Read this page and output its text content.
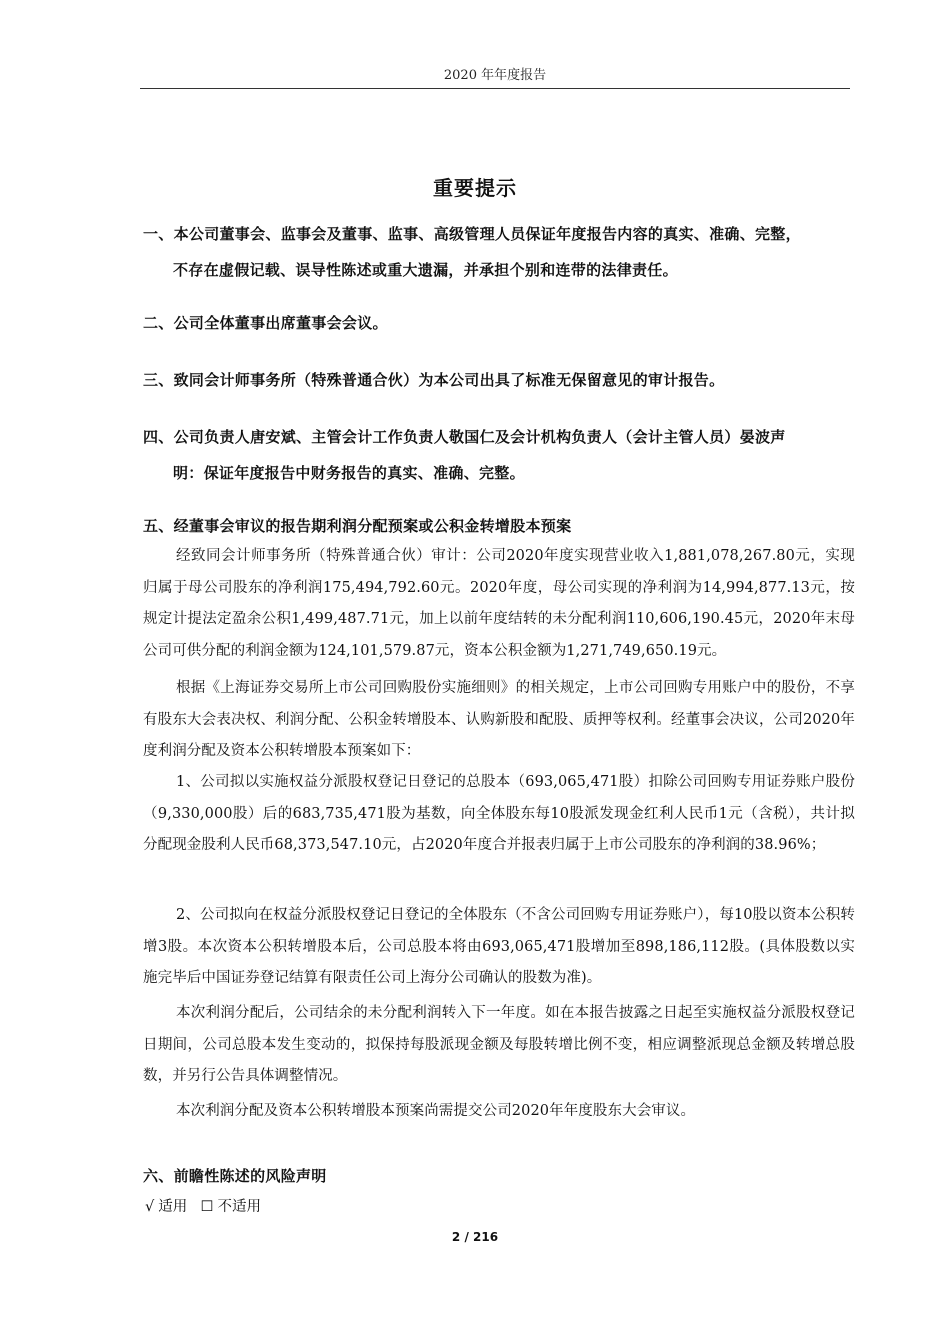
2020 年年度报告
重要提示
一、本公司董事会、监事会及董事、监事、高级管理人员保证年度报告内容的真实、准确、完整，
不存在虚假记载、误导性陈述或重大遗漏，并承担个别和连带的法律责任。
二、公司全体董事出席董事会会议。
三、致同会计师事务所（特殊普通合伙）为本公司出具了标准无保留意见的审计报告。
四、公司负责人唐安斌、主管会计工作负责人敬国仁及会计机构负责人（会计主管人员）晏波声
明：保证年度报告中财务报告的真实、准确、完整。
五、经董事会审议的报告期利润分配预案或公积金转增股本预案
经致同会计师事务所（特殊普通合伙）审计：公司2020年度实现营业收入1,881,078,267.80元，实现归属于母公司股东的净利润175,494,792.60元。2020年度，母公司实现的净利润为14,994,877.13元，按规定计提法定盈余公积1,499,487.71元，加上以前年度结转的未分配利润110,606,190.45元，2020年末母公司可供分配的利润金额为124,101,579.87元，资本公积金额为1,271,749,650.19元。
根据《上海证券交易所上市公司回购股份实施细则》的相关规定，上市公司回购专用账户中的股份，不享有股东大会表决权、利润分配、公积金转增股本、认购新股和配股、质押等权利。经董事会决议，公司2020年度利润分配及资本公积转增股本预案如下：
1、公司拟以实施权益分派股权登记日登记的总股本（693,065,471股）扣除公司回购专用证券账户股份（9,330,000股）后的683,735,471股为基数，向全体股东每10股派发现金红利人民币1元（含税），共计拟分配现金股利人民币68,373,547.10元，占2020年度合并报表归属于上市公司股东的净利润的38.96%；
2、公司拟向在权益分派股权登记日登记的全体股东（不含公司回购专用证券账户），每10股以资本公积转增3股。本次资本公积转增股本后，公司总股本将由693,065,471股增加至898,186,112股。(具体股数以实施完毕后中国证券登记结算有限责任公司上海分公司确认的股数为准)。
本次利润分配后，公司结余的未分配利润转入下一年度。如在本报告披露之日起至实施权益分派股权登记日期间，公司总股本发生变动的，拟保持每股派现金额及每股转增比例不变，相应调整派现总金额及转增总股数，并另行公告具体调整情况。
本次利润分配及资本公积转增股本预案尚需提交公司2020年年度股东大会审议。
六、前瞻性陈述的风险声明
√ 适用 ☐ 不适用
2 / 216
